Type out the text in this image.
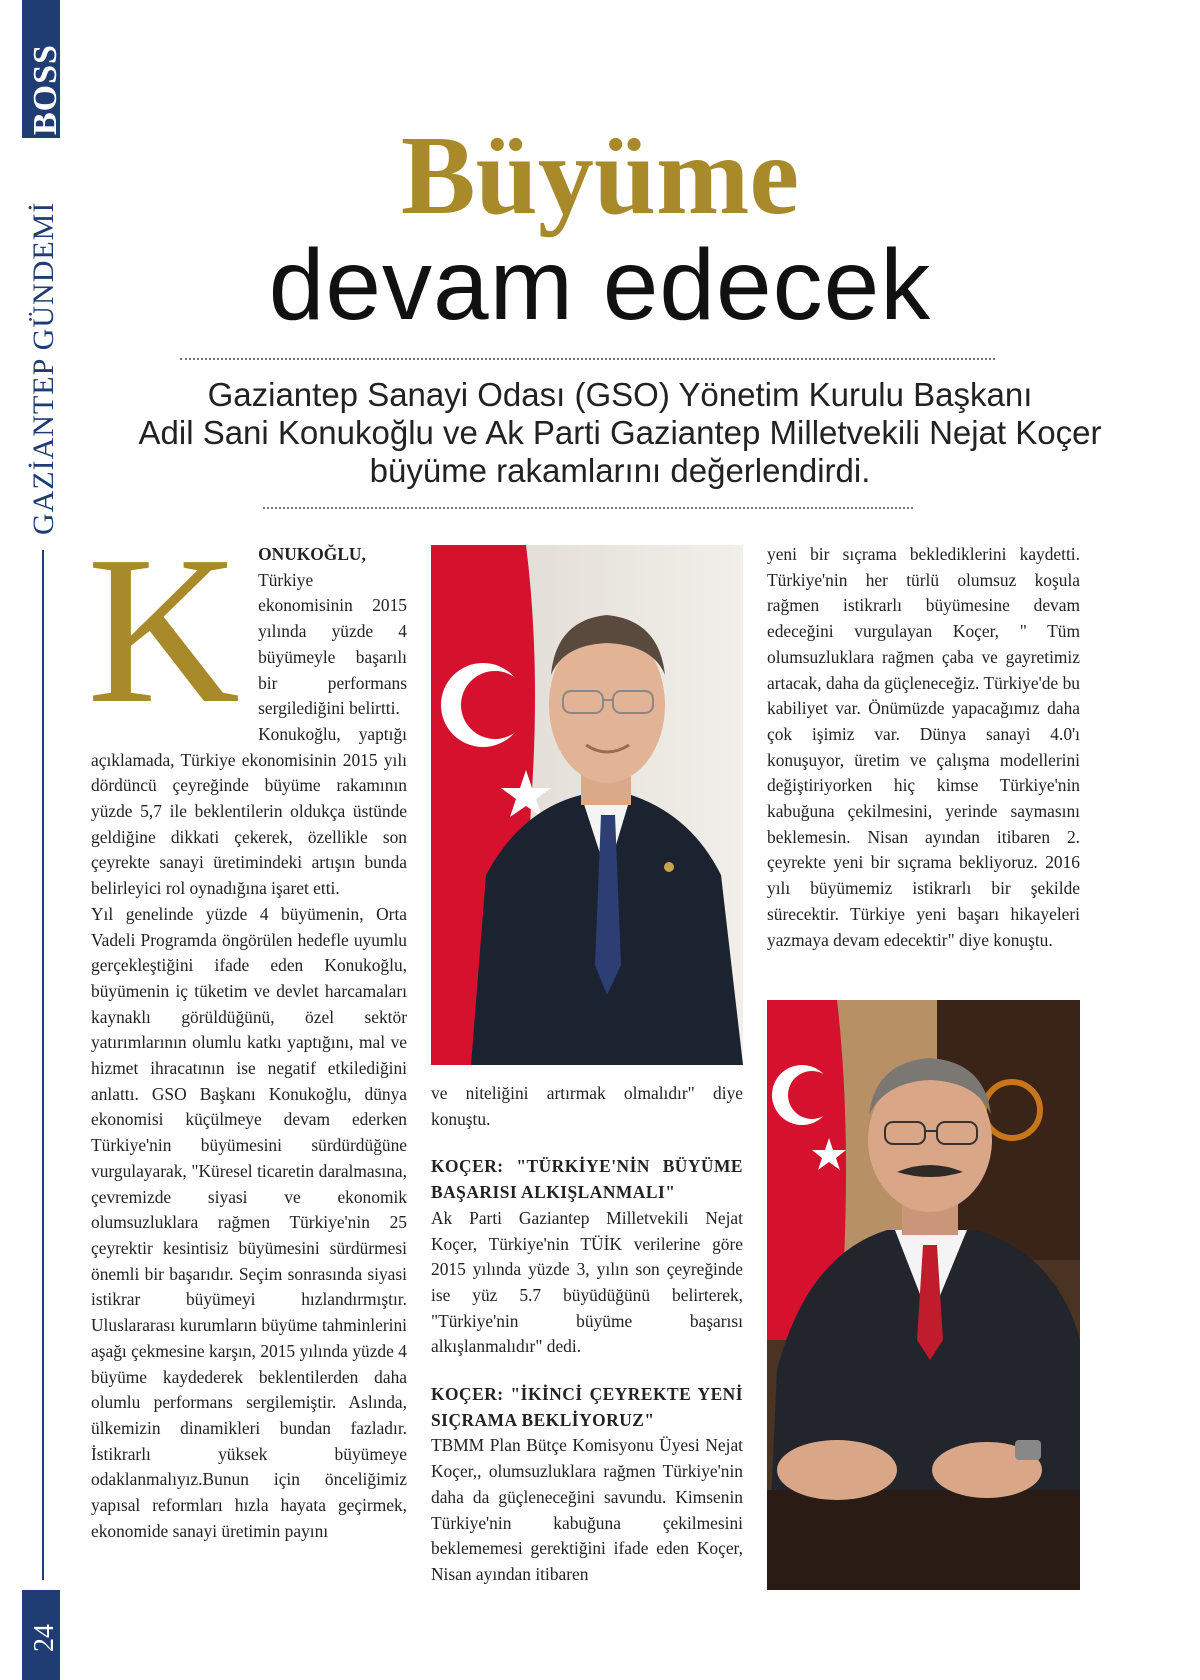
BOSS
GAZİANTEP GÜNDEMİ
24
Büyüme
devam edecek
Gaziantep Sanayi Odası (GSO) Yönetim Kurulu Başkanı
Adil Sani Konukoğlu ve Ak Parti Gaziantep Milletvekili Nejat Koçer
büyüme rakamlarını değerlendirdi.
K	ONUKOĞLU, Türkiye ekonomisinin 2015 yılında yüzde 4 büyümeyle başarılı bir performans sergilediğini belirtti.

Konukoğlu, yaptığı açıklamada, Türkiye ekonomisinin 2015 yılı dördüncü çeyreğinde büyüme rakamının yüzde 5,7 ile beklentilerin oldukça üstünde geldiğine dikkati çekerek, özellikle son çeyrekte sanayi üretimindeki artışın bunda belirleyici rol oynadığına işaret etti.

Yıl genelinde yüzde 4 büyümenin, Orta Vadeli Programda öngörülen hedefle uyumlu gerçekleştiğini ifade eden Konukoğlu, büyümenin iç tüketim ve devlet harcamaları kaynaklı görüldüğünü, özel sektör yatırımlarının olumlu katkı yaptığını, mal ve hizmet ihracatının ise negatif etkilediğini anlattı. GSO Başkanı Konukoğlu, dünya ekonomisi küçülmeye devam ederken Türkiye'nin büyümesini sürdürdüğüne vurgulayarak, "Küresel ticaretin daralmasına, çevremizde siyasi ve ekonomik olumsuzluklara rağmen Türkiye'nin 25 çeyrektir kesintisiz büyümesini sürdürmesi önemli bir başarıdır. Seçim sonrasında siyasi istikrar büyümeyi hızlandırmıştır. Uluslararası kurumların büyüme tahminlerini aşağı çekmesine karşın, 2015 yılında yüzde 4 büyüme kaydederek beklentilerden daha olumlu performans sergilemiştir. Aslında, ülkemizin dinamikleri bundan fazladır. İstikrarlı yüksek büyümeye odaklanmalıyız.Bunun için önceliğimiz yapısal reformları hızla hayata geçirmek, ekonomide sanayi üretimin payını

ve niteliğini artırmak olmalıdır" diye konuştu.

KOÇER: "TÜRKİYE'NİN BÜYÜME BAŞARISI ALKIŞLANMALI"

Ak Parti Gaziantep Milletvekili Nejat Koçer, Türkiye'nin TÜİK verilerine göre 2015 yılında yüzde 3, yılın son çeyreğinde ise yüz 5.7 büyüdüğünü belirterek, "Türkiye'nin büyüme başarısı alkışlanmalıdır" dedi.

KOÇER: "İKİNCİ ÇEYREKTE YENİ SIÇRAMA BEKLİYORUZ"

TBMM Plan Bütçe Komisyonu Üyesi Nejat Koçer,, olumsuzluklara rağmen Türkiye'nin daha da güçleneceğini savundu. Kimsenin Türkiye'nin kabuğuna çekilmesini beklememesi gerektiğini ifade eden Koçer, Nisan ayından itibaren

yeni bir sıçrama beklediklerini kaydetti. Türkiye'nin her türlü olumsuz koşula rağmen istikrarlı büyümesine devam edeceğini vurgulayan Koçer, " Tüm olumsuzluklara rağmen çaba ve gayretimiz artacak, daha da güçleneceğiz. Türkiye'de bu kabiliyet var. Önümüzde yapacağımız daha çok işimiz var. Dünya sanayi 4.0'ı konuşuyor, üretim ve çalışma modellerini değiştiriyorken hiç kimse Türkiye'nin kabuğuna çekilmesini, yerinde saymasını beklemesin. Nisan ayından itibaren 2. çeyrekte yeni bir sıçrama bekliyoruz. 2016 yılı büyümemiz istikrarlı bir şekilde sürecektir. Türkiye yeni başarı hikayeleri yazmaya devam edecektir" diye konuştu.
